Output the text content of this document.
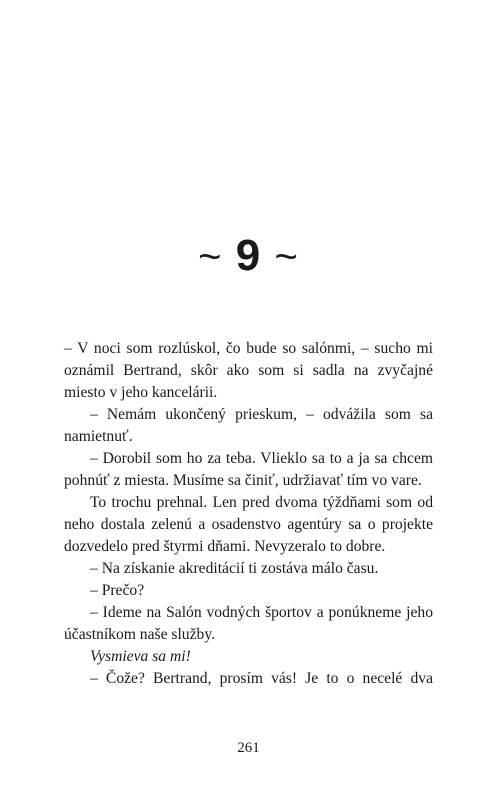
~ 9 ~

– V noci som rozlúskol, čo bude so salónmi, – sucho mi oznámil Bertrand, skôr ako som si sadla na zvyčajné miesto v jeho kancelárii.

– Nemám ukončený prieskum, – odvážila som sa namietnuť.

– Dorobil som ho za teba. Vlieklo sa to a ja sa chcem pohnúť z miesta. Musíme sa činiť, udržiavať tím vo vare.

To trochu prehnal. Len pred dvoma týždňami som od neho dostala zelenú a osadenstvo agentúry sa o projekte dozvedelo pred štyrmi dňami. Nevyzeralo to dobre.

– Na získanie akreditácií ti zostáva málo času.

– Prečo?

– Ideme na Salón vodných športov a ponúkneme jeho účastníkom naše služby.

Vysmieva sa mi!

– Čože? Bertrand, prosím vás! Je to o necelé dva

261
